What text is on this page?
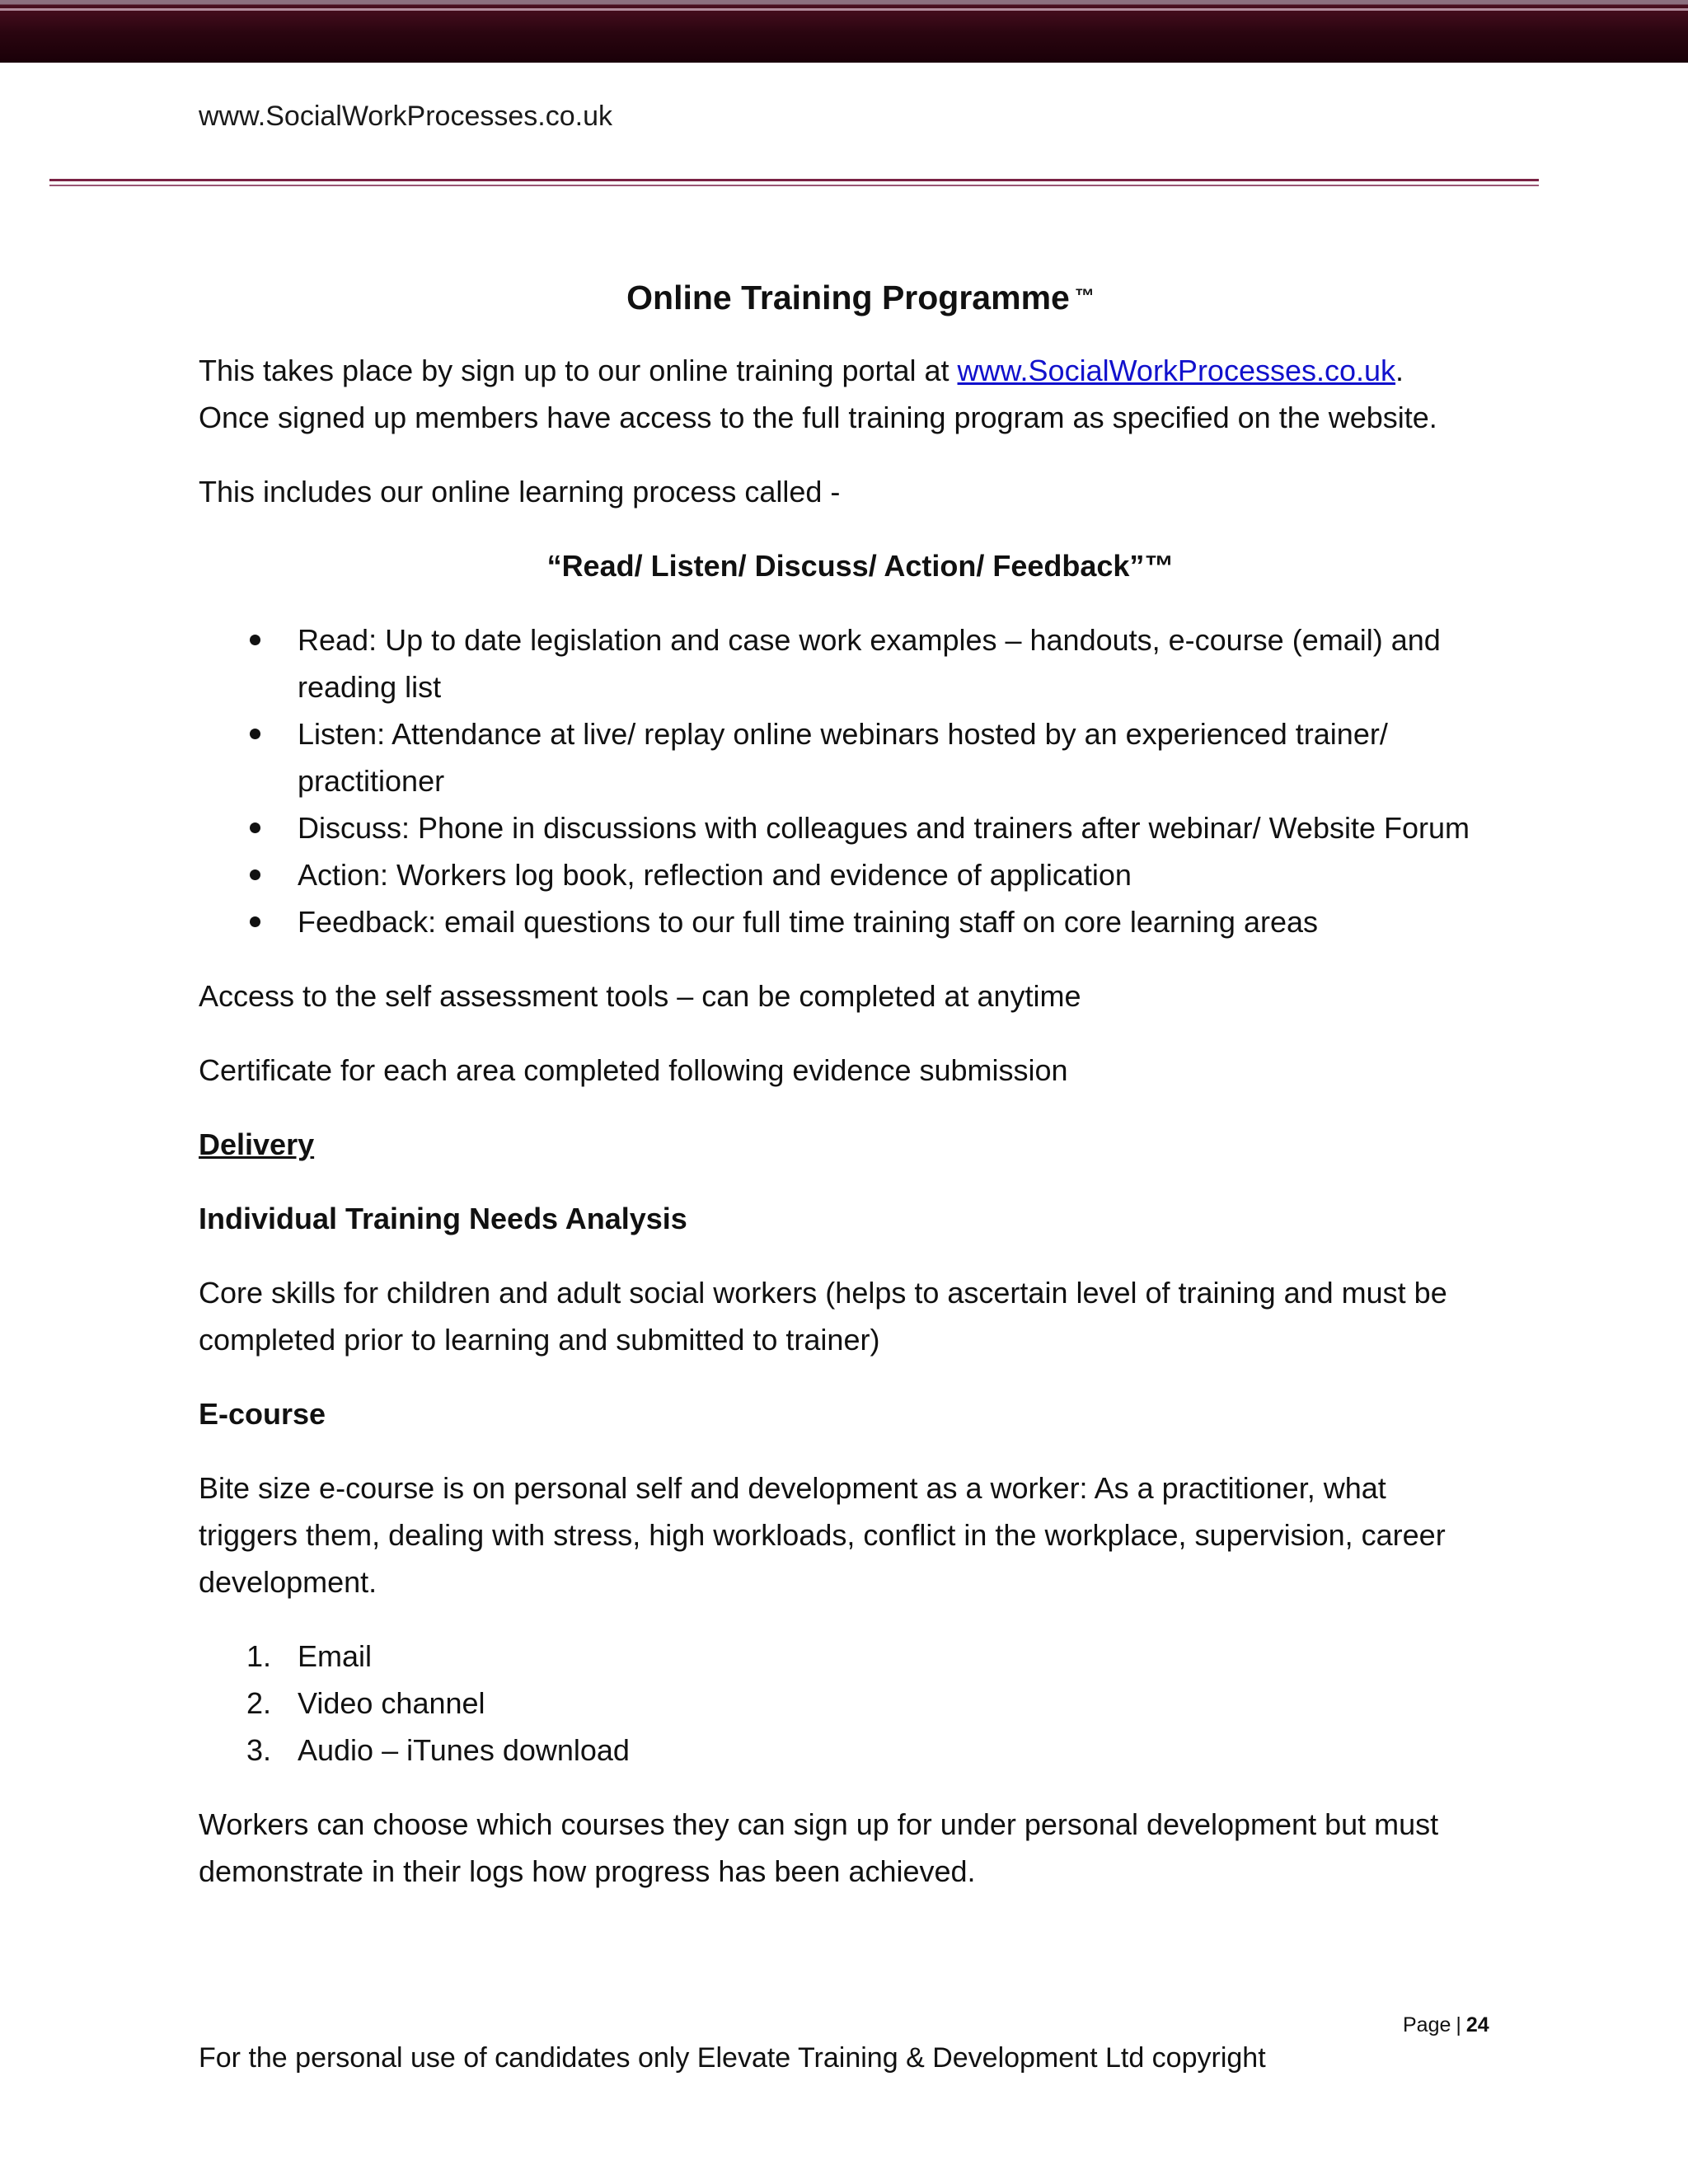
www.SocialWorkProcesses.co.uk
Online Training Programme ™

This takes place by sign up to our online training portal at www.SocialWorkProcesses.co.uk.
Once signed up members have access to the full training program as specified on the website.

This includes our online learning process called -

“Read/ Listen/ Discuss/ Action/ Feedback”™
Read: Up to date legislation and case work examples – handouts, e-course (email) and reading list
Listen: Attendance at live/ replay online webinars hosted by an experienced trainer/ practitioner
Discuss: Phone in discussions with colleagues and trainers after webinar/ Website Forum
Action: Workers log book, reflection and evidence of application
Feedback: email questions to our full time training staff on core learning areas

Access to the self assessment tools – can be completed at anytime

Certificate for each area completed following evidence submission

Delivery

Individual Training Needs Analysis

Core skills for children and adult social workers (helps to ascertain level of training and must be completed prior to learning and submitted to trainer)

E-course

Bite size e-course is on personal self and development as a worker: As a practitioner, what triggers them, dealing with stress, high workloads, conflict in the workplace, supervision, career development.

1. Email
2. Video channel
3. Audio – iTunes download

Workers can choose which courses they can sign up for under personal development but must demonstrate in their logs how progress has been achieved.

Page | 24
For the personal use of candidates only Elevate Training & Development Ltd copyright
